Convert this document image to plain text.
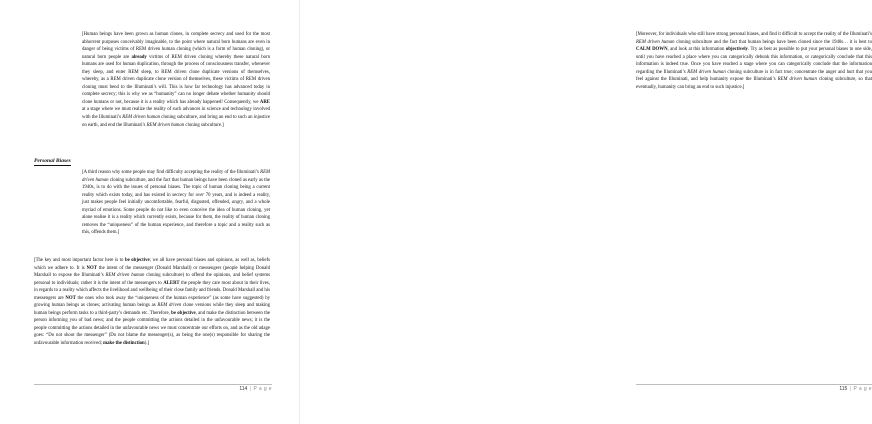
[Human beings have been grown as human clones, in complete secrecy and used for the most abhorrent purposes conceivably imaginable, to the point where natural born humans are even in danger of being victims of REM driven human cloning (which is a form of human cloning), or natural born people are already victims of REM driven cloning whereby these natural born humans are used for human duplication, through the process of consciousness transfer, whenever they sleep, and enter REM sleep, to REM driven clone duplicate versions of themselves, whereby, as a REM driven duplicate clone version of themselves, these victims of REM driven cloning must bend to the Illuminati’s will. This is how far technology has advanced today in complete secrecy; this is why we as “humanity” can no longer debate whether humanity should clone humans or not, because it is a reality which has already happened! Consequently, we ARE at a stage where we must realize the reality of such advances in science and technology involved with the Illuminati’s REM driven human cloning subculture, and bring an end to such an injustice on earth, and end the Illuminati’s REM driven human cloning subculture.]
Personal Biases
[A third reason why some people may find difficulty accepting the reality of the Illuminati’s REM driven human cloning subculture, and the fact that human beings have been cloned as early as the 1940s, is to do with the issues of personal biases. The topic of human cloning being a current reality which exists today, and has existed in secrecy for over 70 years, and is indeed a reality, just makes people feel initially uncomfortable, fearful, disgusted, offended, angry, and a whole myriad of emotions. Some people do not like to even conceive the idea of human cloning, yet alone realise it is a reality which currently exists, because for them, the reality of human cloning removes the “uniqueness” of the human experience, and therefore a topic and a reality such as this, offends them.]
[The key and most important factor here is to be objective; we all have personal biases and opinions, as well as, beliefs which we adhere to. It is NOT the intent of the messenger (Donald Marshall) or messengers (people helping Donald Marshall to expose the Illuminati’s REM driven human cloning subculture) to offend the opinions, and belief systems personal to individuals; rather it is the intent of the messengers to ALERT the people they care most about in their lives, in regards to a reality which affects the livelihood and wellbeing of their close family and friends. Donald Marshall and his messengers are NOT the ones who took away the “uniqueness of the human experience” (as some have suggested) by growing human beings as clones; activating human beings as REM driven clone versions while they sleep and making human beings perform tasks to a third-party’s demands etc. Therefore, be objective, and make the distinction between the person informing you of bad news; and the people committing the actions detailed in the unfavourable news; it is the people committing the actions detailed in the unfavourable news we must concentrate our efforts on, and as the old adage goes: “Do not shoot the messenger” (Do not blame the messenger(s), as being the one(s) responsible for sharing the unfavourable information received; make the distinction).]
114 | P a g e
[Moreover, for individuals who still have strong personal biases, and find it difficult to accept the reality of the Illuminati’s REM driven human cloning subculture and the fact that human beings have been cloned since the 1940s… it is best to CALM DOWN, and look at this information objectively. Try as best as possible to put your personal biases to one side, until you have reached a place where you can categorically debunk this information, or categorically conclude that this information is indeed true. Once you have reached a stage where you can categorically conclude that the information regarding the Illuminati’s REM driven human cloning subculture is in fact true; concentrate the anger and hurt that you feel against the Illuminati, and help humanity expose the Illuminati’s REM driven human cloning subculture, so that eventually, humanity can bring an end to such injustice.]
115 | P a g e
